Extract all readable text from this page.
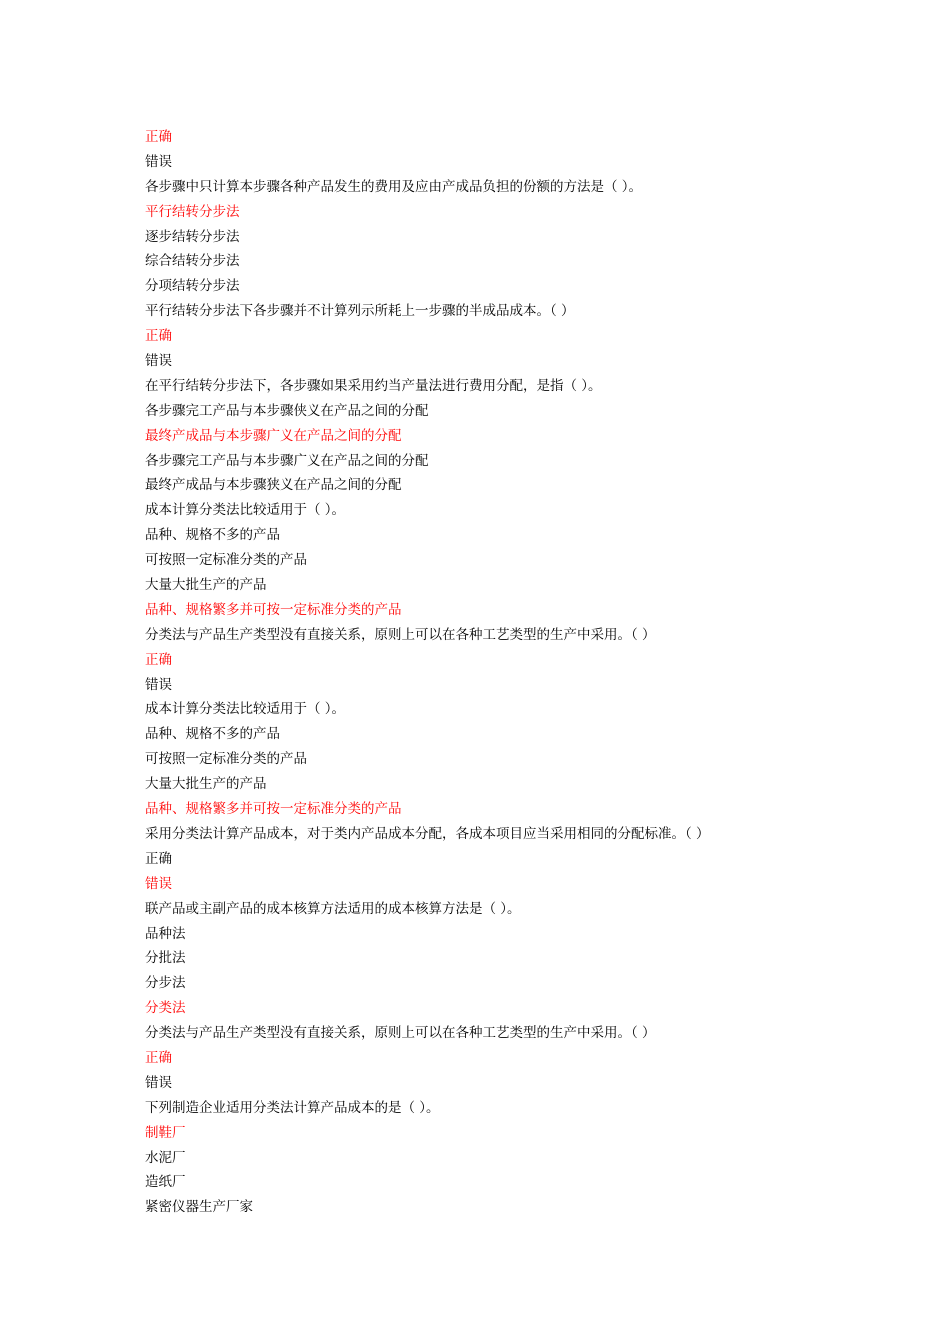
正确
错误
各步骤中只计算本步骤各种产品发生的费用及应由产成品负担的份额的方法是（ ）。
平行结转分步法
逐步结转分步法
综合结转分步法
分项结转分步法
平行结转分步法下各步骤并不计算列示所耗上一步骤的半成品成本。（ ）
正确
错误
在平行结转分步法下，各步骤如果采用约当产量法进行费用分配，是指（ ）。
各步骤完工产品与本步骤侠义在产品之间的分配
最终产成品与本步骤广义在产品之间的分配
各步骤完工产品与本步骤广义在产品之间的分配
最终产成品与本步骤狭义在产品之间的分配
成本计算分类法比较适用于（ ）。
品种、规格不多的产品
可按照一定标准分类的产品
大量大批生产的产品
品种、规格繁多并可按一定标准分类的产品
分类法与产品生产类型没有直接关系，原则上可以在各种工艺类型的生产中采用。（ ）
正确
错误
成本计算分类法比较适用于（ ）。
品种、规格不多的产品
可按照一定标准分类的产品
大量大批生产的产品
品种、规格繁多并可按一定标准分类的产品
采用分类法计算产品成本，对于类内产品成本分配，各成本项目应当采用相同的分配标准。（ ）
正确
错误
联产品或主副产品的成本核算方法适用的成本核算方法是（ ）。
品种法
分批法
分步法
分类法
分类法与产品生产类型没有直接关系，原则上可以在各种工艺类型的生产中采用。（ ）
正确
错误
下列制造企业适用分类法计算产品成本的是（ ）。
制鞋厂
水泥厂
造纸厂
紧密仪器生产厂家
